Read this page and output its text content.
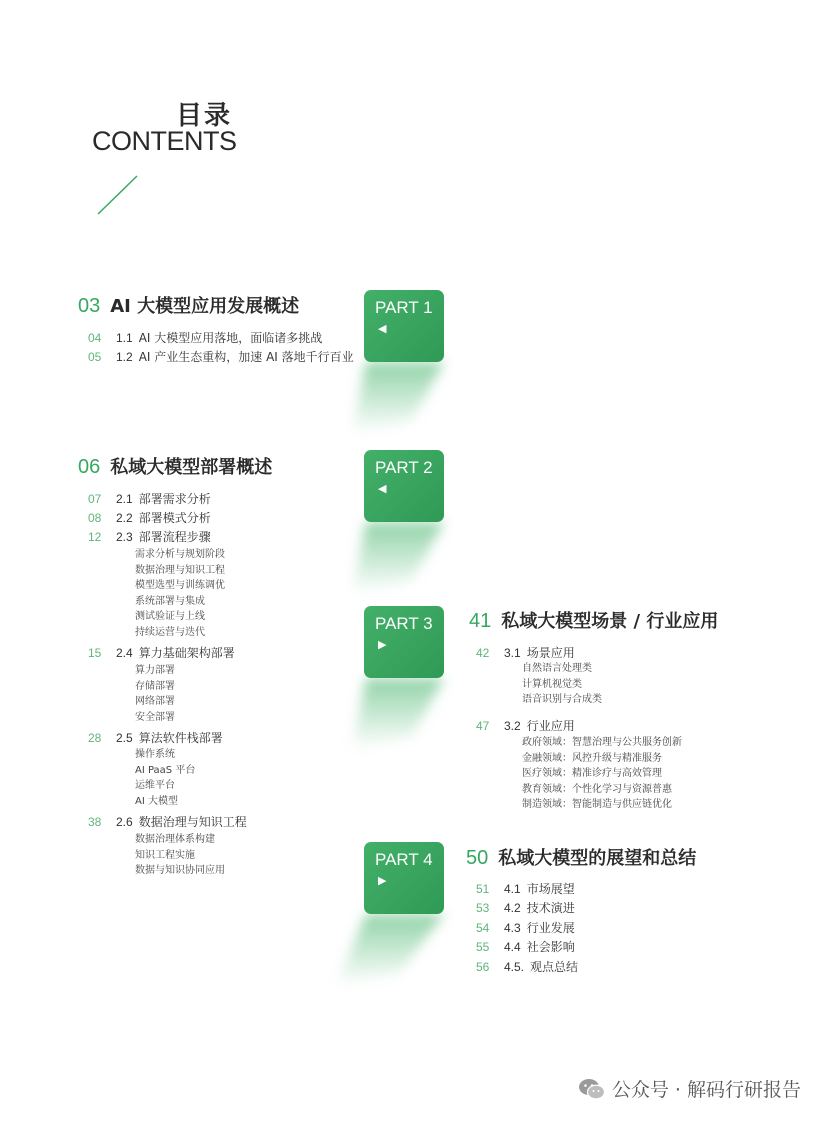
目录
CONTENTS
PART 1
◀
PART 2
◀
PART 3
▶
PART 4
▶
03 AI 大模型应用发展概述
04	1.1 AI 大模型应用落地，面临诸多挑战
05	1.2 AI 产业生态重构，加速 AI 落地千行百业
06 私域大模型部署概述
07	2.1 部署需求分析
08	2.2 部署模式分析
12	2.3 部署流程步骤
需求分析与规划阶段
数据治理与知识工程
模型选型与训练调优
系统部署与集成
测试验证与上线
持续运营与迭代
15	2.4 算力基础架构部署
算力部署
存储部署
网络部署
安全部署
28	2.5 算法软件栈部署
操作系统
AI PaaS 平台
运维平台
AI 大模型
38	2.6 数据治理与知识工程
数据治理体系构建
知识工程实施
数据与知识协同应用
41 私域大模型场景 / 行业应用
42	3.1 场景应用
自然语言处理类
计算机视觉类
语音识别与合成类
47	3.2 行业应用
政府领域：智慧治理与公共服务创新
金融领域：风控升级与精准服务
医疗领域：精准诊疗与高效管理
教育领域：个性化学习与资源普惠
制造领域：智能制造与供应链优化
50 私域大模型的展望和总结
51	4.1 市场展望
53	4.2 技术演进
54	4.3 行业发展
55	4.4 社会影响
56	4.5. 观点总结
公众号 · 解码行研报告
